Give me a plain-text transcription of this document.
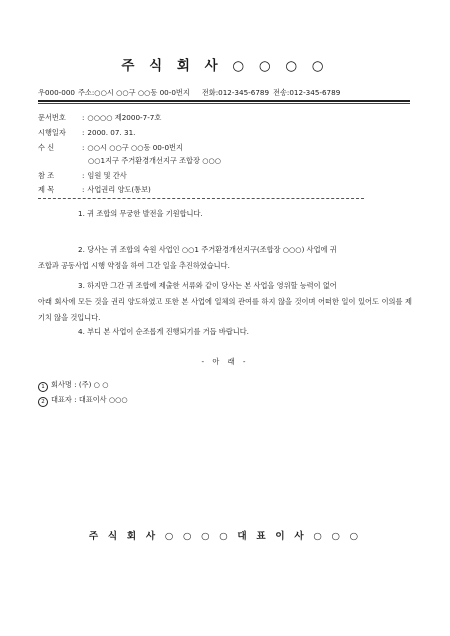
주 식 회 사 ○ ○ ○ ○
우000-000 주소:○○시 ○○구 ○○동 00-0번지 전화:012-345-6789 전송:012-345-6789
문서번호 : ○○○○ 제2000-7-7호
시행일자 : 2000. 07. 31.
수 신	: ○○시 ○○구 ○○동 00-0번지
○○1지구 주거환경개선지구 조합장 ○○○
참 조	: 임원 및 간사
제 목	: 사업권리 양도(통보)
1. 귀 조합의 무궁한 발전을 기원합니다.
2. 당사는 귀 조합의 숙원 사업인 ○○1 주거환경개선지구(조합장 ○○○) 사업에 귀
조합과 공동사업 시행 약정을 하여 그간 일을 추진하였습니다.
3. 하지만 그간 귀 조합에 제출한 서류와 같이 당사는 본 사업을 영위할 능력이 없어
아래 회사에 모든 것을 권리 양도하였고 또한 본 사업에 일체의 관여를 하지 않을 것이며 어떠한 일이 있어도 이의를 제기치 않을 것입니다.
4. 부디 본 사업이 순조롭게 진행되기를 거듭 바랍니다.
- 아 래 -
1 회사명 : (주) ○ ○
2 대표자 : 대표이사 ○○○
주 식 회 사 ○ ○ ○ ○ 대 표 이 사 ○ ○ ○
